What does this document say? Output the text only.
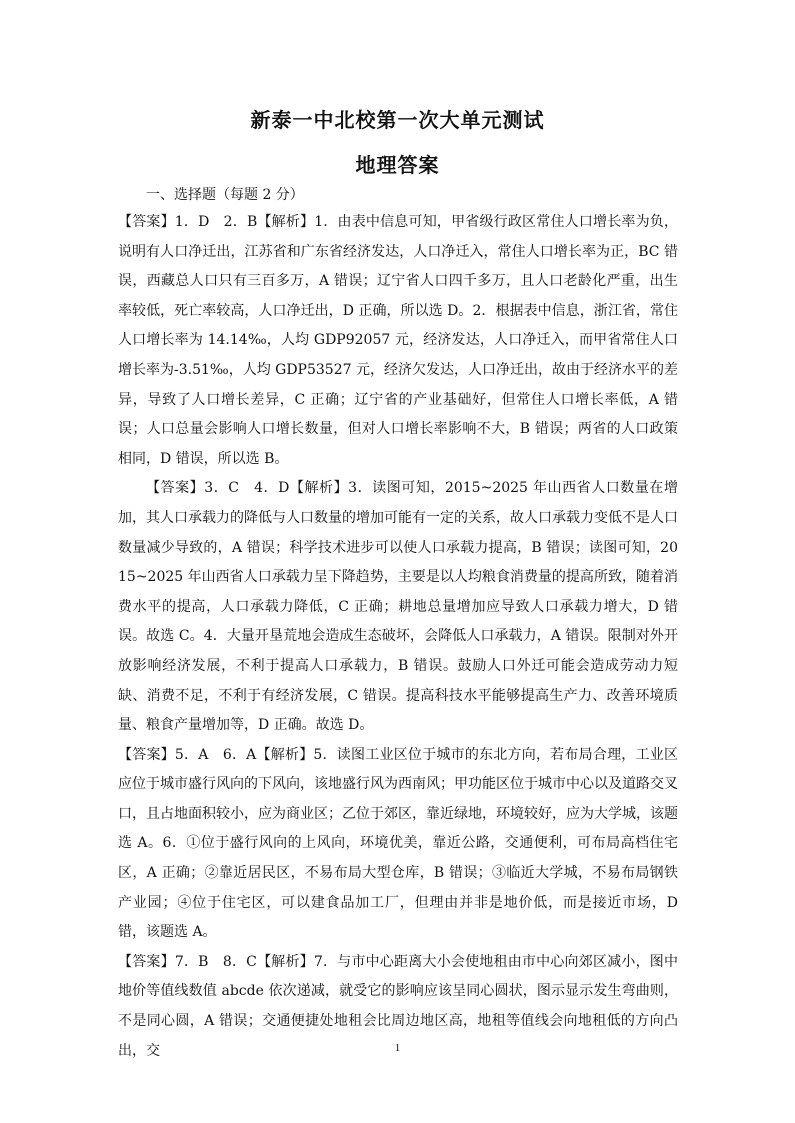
新泰一中北校第一次大单元测试
地理答案
一、选择题（每题 2 分）

【答案】1．D　2．B【解析】1．由表中信息可知，甲省级行政区常住人口增长率为负，说明有人口净迁出，江苏省和广东省经济发达，人口净迁入，常住人口增长率为正，BC 错误，西藏总人口只有三百多万，A 错误；辽宁省人口四千多万，且人口老龄化严重，出生率较低，死亡率较高，人口净迁出，D 正确，所以选 D。2．根据表中信息，浙江省，常住人口增长率为 14.14‰，人均 GDP92057 元，经济发达，人口净迁入，而甲省常住人口增长率为-3.51‰，人均 GDP53527 元，经济欠发达，人口净迁出，故由于经济水平的差异，导致了人口增长差异，C 正确；辽宁省的产业基础好，但常住人口增长率低，A 错误；人口总量会影响人口增长数量，但对人口增长率影响不大，B 错误；两省的人口政策相同，D 错误，所以选 B。

【答案】3．C　4．D【解析】3．读图可知，2015~2025 年山西省人口数量在增加，其人口承载力的降低与人口数量的增加可能有一定的关系，故人口承载力变低不是人口数量减少导致的，A 错误；科学技术进步可以使人口承载力提高，B 错误；读图可知，2015~2025 年山西省人口承载力呈下降趋势，主要是以人均粮食消费量的提高所致，随着消费水平的提高，人口承载力降低，C 正确；耕地总量增加应导致人口承载力增大，D 错误。故选 C。4．大量开垦荒地会造成生态破坏，会降低人口承载力，A 错误。限制对外开放影响经济发展，不利于提高人口承载力，B 错误。鼓励人口外迁可能会造成劳动力短缺、消费不足，不利于有经济发展，C 错误。提高科技水平能够提高生产力、改善环境质量、粮食产量增加等，D 正确。故选 D。

【答案】5．A　6．A【解析】5．读图工业区位于城市的东北方向，若布局合理，工业区应位于城市盛行风向的下风向，该地盛行风为西南风；甲功能区位于城市中心以及道路交叉口，且占地面积较小，应为商业区；乙位于郊区，靠近绿地，环境较好，应为大学城，该题选 A。6．①位于盛行风向的上风向，环境优美，靠近公路，交通便利，可布局高档住宅区，A 正确；②靠近居民区，不易布局大型仓库，B 错误；③临近大学城，不易布局钢铁产业园；④位于住宅区，可以建食品加工厂，但理由并非是地价低，而是接近市场，D 错，该题选 A。

【答案】7．B　8．C【解析】7．与市中心距离大小会使地租由市中心向郊区减小，图中地价等值线数值 abcde 依次递减，就受它的影响应该呈同心圆状，图示显示发生弯曲则，不是同心圆，A 错误；交通便捷处地租会比周边地区高，地租等值线会向地租低的方向凸出，交	1
